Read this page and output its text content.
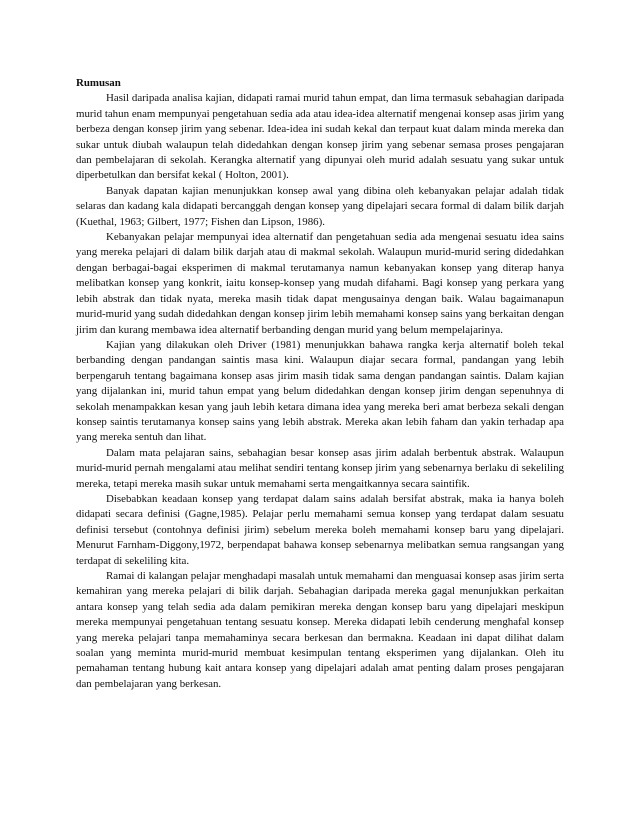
Rumusan

Hasil daripada analisa kajian, didapati ramai murid tahun empat, dan lima termasuk sebahagian daripada murid tahun enam mempunyai pengetahuan sedia ada atau idea-idea alternatif mengenai konsep asas jirim yang berbeza dengan konsep jirim yang sebenar. Idea-idea ini sudah kekal dan terpaut kuat dalam minda mereka dan sukar untuk diubah walaupun telah didedahkan dengan konsep jirim yang sebenar semasa proses pengajaran dan pembelajaran di sekolah. Kerangka alternatif yang dipunyai oleh murid adalah sesuatu yang sukar untuk diperbetulkan dan bersifat kekal ( Holton, 2001).

Banyak dapatan kajian menunjukkan konsep awal yang dibina oleh kebanyakan pelajar adalah tidak selaras dan kadang kala didapati bercanggah dengan konsep yang dipelajari secara formal di dalam bilik darjah (Kuethal, 1963; Gilbert, 1977; Fishen dan Lipson, 1986).

Kebanyakan pelajar mempunyai idea alternatif dan pengetahuan sedia ada mengenai sesuatu idea sains yang mereka pelajari di dalam bilik darjah atau di makmal sekolah. Walaupun murid-murid sering didedahkan dengan berbagai-bagai eksperimen di makmal terutamanya namun kebanyakan konsep yang diterap hanya melibatkan konsep yang konkrit, iaitu konsep-konsep yang mudah difahami. Bagi konsep yang perkara yang lebih abstrak dan tidak nyata, mereka masih tidak dapat mengusainya dengan baik. Walau bagaimanapun murid-murid yang sudah didedahkan dengan konsep jirim lebih memahami konsep sains yang berkaitan dengan jirim dan kurang membawa idea alternatif berbanding dengan murid yang belum mempelajarinya.

Kajian yang dilakukan oleh Driver (1981) menunjukkan bahawa rangka kerja alternatif boleh tekal berbanding dengan pandangan saintis masa kini. Walaupun diajar secara formal, pandangan yang lebih berpengaruh tentang bagaimana konsep asas jirim masih tidak sama dengan pandangan saintis. Dalam kajian yang dijalankan ini, murid tahun empat yang belum didedahkan dengan konsep jirim dengan sepenuhnya di sekolah menampakkan kesan yang jauh lebih ketara dimana idea yang mereka beri amat berbeza sekali dengan konsep saintis terutamanya konsep sains yang lebih abstrak. Mereka akan lebih faham dan yakin terhadap apa yang mereka sentuh dan lihat.

Dalam mata pelajaran sains, sebahagian besar konsep asas jirim adalah berbentuk abstrak. Walaupun murid-murid pernah mengalami atau melihat sendiri tentang konsep jirim yang sebenarnya berlaku di sekeliling mereka, tetapi mereka masih sukar untuk memahami serta mengaitkannya secara saintifik.

Disebabkan keadaan konsep yang terdapat dalam sains adalah bersifat abstrak, maka ia hanya boleh didapati secara definisi (Gagne,1985). Pelajar perlu memahami semua konsep yang terdapat dalam sesuatu definisi tersebut (contohnya definisi jirim) sebelum mereka boleh memahami konsep baru yang dipelajari. Menurut Farnham-Diggony,1972, berpendapat bahawa konsep sebenarnya melibatkan semua rangsangan yang terdapat di sekeliling kita.

Ramai di kalangan pelajar menghadapi masalah untuk memahami dan menguasai konsep asas jirim serta kemahiran yang mereka pelajari di bilik darjah. Sebahagian daripada mereka gagal menunjukkan perkaitan antara konsep yang telah sedia ada dalam pemikiran mereka dengan konsep baru yang dipelajari meskipun mereka mempunyai pengetahuan tentang sesuatu konsep. Mereka didapati lebih cenderung menghafal konsep yang mereka pelajari tanpa memahaminya secara berkesan dan bermakna. Keadaan ini dapat dilihat dalam soalan yang meminta murid-murid membuat kesimpulan tentang eksperimen yang dijalankan. Oleh itu pemahaman tentang hubung kait antara konsep yang dipelajari adalah amat penting dalam proses pengajaran dan pembelajaran yang berkesan.
